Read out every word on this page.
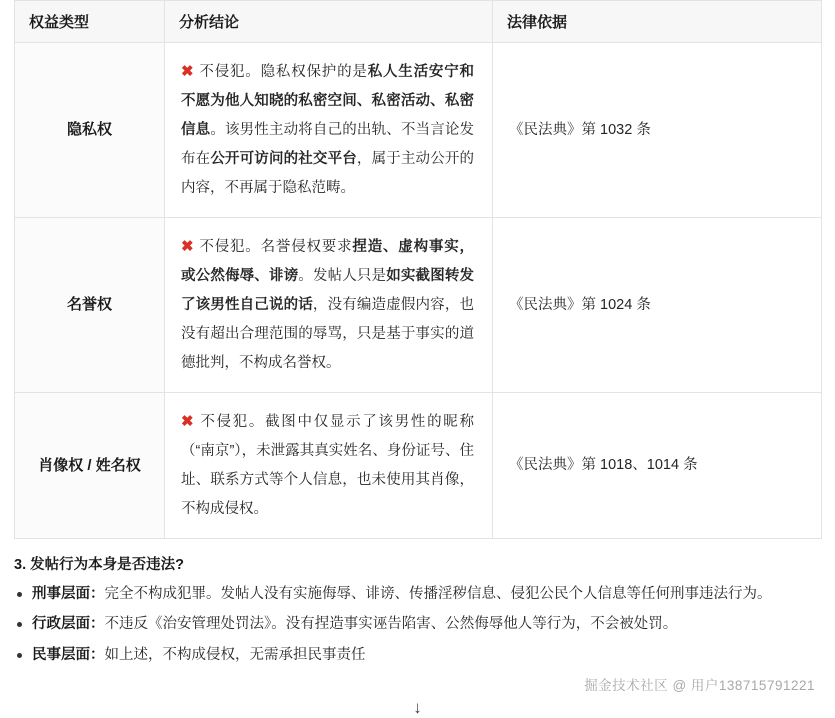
权益类型	分析结论	法律依据
隐私权	✖ 不侵犯。隐私权保护的是私人生活安宁和不愿为他人知晓的私密空间、私密活动、私密信息。该男性主动将自己的出轨、不当言论发布在公开可访问的社交平台，属于主动公开的内容，不再属于隐私范畴。	《民法典》第 1032 条
名誉权	✖ 不侵犯。名誉侵权要求捏造、虚构事实，或公然侮辱、诽谤。发帖人只是如实截图转发了该男性自己说的话，没有编造虚假内容，也没有超出合理范围的辱骂，只是基于事实的道德批判，不构成名誉权。	《民法典》第 1024 条
肖像权 / 姓名权	✖ 不侵犯。截图中仅显示了该男性的昵称（“南京”），未泄露其真实姓名、身份证号、住址、联系方式等个人信息，也未使用其肖像，不构成侵权。	《民法典》第 1018、1014 条
3. 发帖行为本身是否违法?
刑事层面：完全不构成犯罪。发帖人没有实施侮辱、诽谤、传播淫秽信息、侵犯公民个人信息等任何刑事违法行为。
行政层面：不违反《治安管理处罚法》。没有捏造事实诬告陷害、公然侮辱他人等行为，不会被处罚。
民事层面：如上述，不构成侵权，无需承担民事责任
掘金技术社区 @ 用户138715791221
↓
